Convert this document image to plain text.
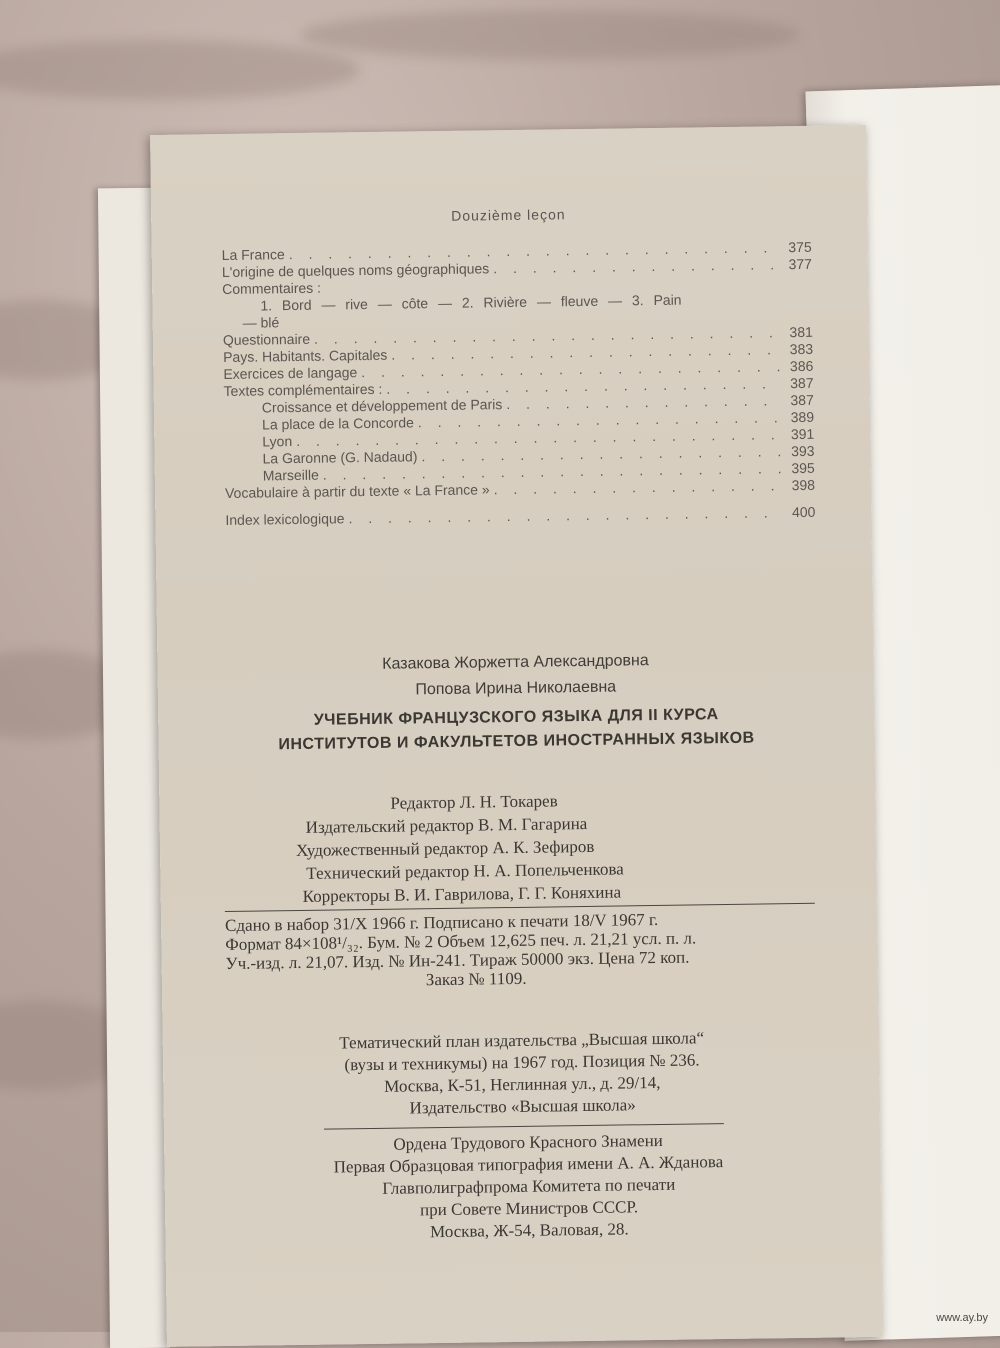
Douzième leçon
La France . . .	375
L'origine de quelques noms géographiques . . .	377
Commentaires :
1. Bord — rive — côte — 2. Rivière — fleuve — 3. Pain
— blé
Questionnaire . . .	381
Pays. Habitants. Capitales . . .	383
Exercices de langage . . .	386
Textes complémentaires : . . .	387
Croissance et développement de Paris . . .	387
La place de la Concorde . . .	389
Lyon . . .	391
La Garonne (G. Nadaud) . . .	393
Marseille . . .	395
Vocabulaire à partir du texte « La France » . . .	398
Index lexicologique . . .	400
Казакова Жоржетта Александровна
Попова Ирина Николаевна
УЧЕБНИК ФРАНЦУЗСКОГО ЯЗЫКА ДЛЯ II КУРСА
ИНСТИТУТОВ И ФАКУЛЬТЕТОВ ИНОСТРАННЫХ ЯЗЫКОВ
Редактор Л. Н. Токарев
Издательский редактор В. М. Гагарина
Художественный редактор А. К. Зефиров
Технический редактор Н. А. Попельченкова
Корректоры В. И. Гаврилова, Г. Г. Коняхина
Сдано в набор 31/X 1966 г. Подписано к печати 18/V 1967 г.
Формат 84×108¹/₃₂. Бум. № 2 Объем 12,625 печ. л. 21,21 усл. п. л.
Уч.-изд. л. 21,07. Изд. № Ин-241. Тираж 50000 экз. Цена 72 коп.
Заказ № 1109.
Тематический план издательства „Высшая школа“
(вузы и техникумы) на 1967 год. Позиция № 236.
Москва, К-51, Неглинная ул., д. 29/14,
Издательство «Высшая школа»
Ордена Трудового Красного Знамени
Первая Образцовая типография имени А. А. Жданова
Главполиграфпрома Комитета по печати
при Совете Министров СССР.
Москва, Ж-54, Валовая, 28.
www.ay.by
